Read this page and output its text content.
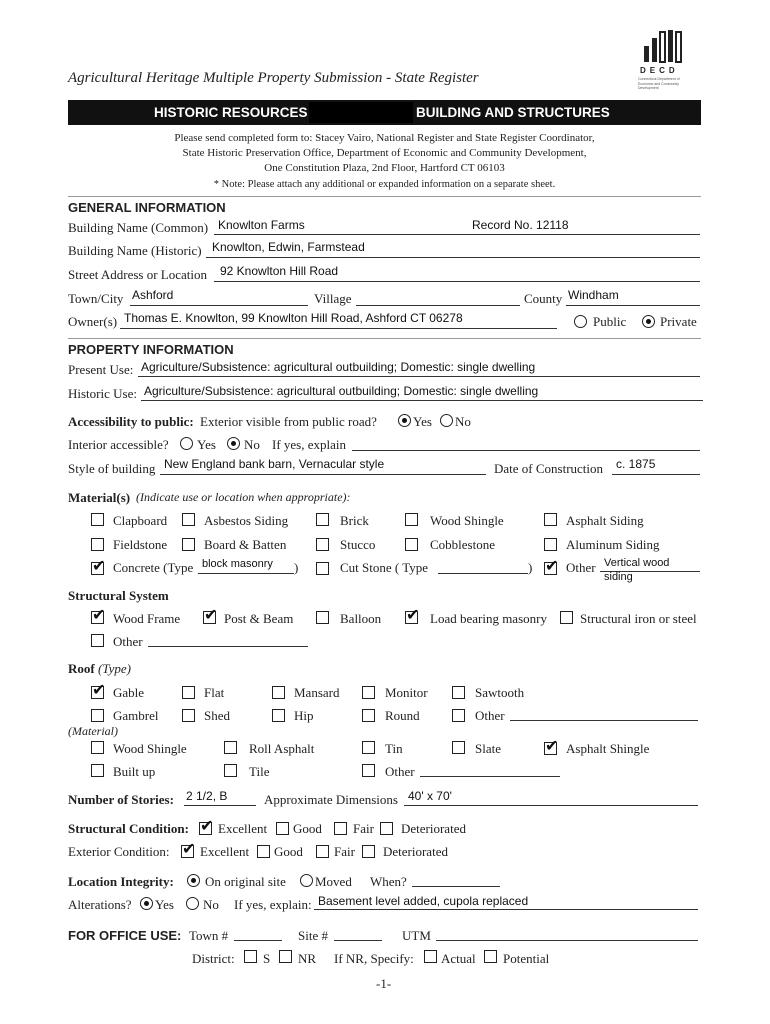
DECD
Connecticut Department of Economic and Community Development
Agricultural Heritage Multiple Property Submission - State Register
HISTORIC RESOURCES	BUILDING AND STRUCTURES
Please send completed form to: Stacey Vairo, National Register and State Register Coordinator,
State Historic Preservation Office, Department of Economic and Community Development,
One Constitution Plaza, 2nd Floor, Hartford CT 06103
* Note: Please attach any additional or expanded information on a separate sheet.
GENERAL INFORMATION
Building Name (Common) Knowlton Farms	Record No. 12118
Building Name (Historic) Knowlton, Edwin, Farmstead
Street Address or Location 92 Knowlton Hill Road
Town/City Ashford	Village	County Windham
Owner(s) Thomas E. Knowlton, 99 Knowlton Hill Road, Ashford CT 06278	Public	Private
PROPERTY INFORMATION
Present Use: Agriculture/Subsistence: agricultural outbuilding; Domestic: single dwelling
Historic Use: Agriculture/Subsistence: agricultural outbuilding; Domestic: single dwelling
Accessibility to public: Exterior visible from public road?	Yes No
Interior accessible? Yes No If yes, explain
Style of building New England bank barn, Vernacular style	Date of Construction c. 1875
Material(s) (Indicate use or location when appropriate):
Clapboard	Asbestos Siding	Brick	Wood Shingle	Asphalt Siding
Fieldstone	Board & Batten	Stucco	Cobblestone	Aluminum Siding
✔ Concrete (Type block masonry )	Cut Stone ( Type	) ✔ Other Vertical wood
siding
Structural System
✔ Wood Frame ✔ Post & Beam	Balloon ✔ Load bearing masonry	Structural iron or steel
Other
Roof (Type)
✔ Gable	Flat	Mansard	Monitor	Sawtooth
Gambrel	Shed	Hip	Round	Other
(Material)
Wood Shingle	Roll Asphalt	Tin	Slate	✔ Asphalt Shingle
Built up	Tile	Other
Number of Stories: 2 1/2, B	Approximate Dimensions 40' x 70'
Structural Condition: ✔ Excellent Good Fair Deteriorated
Exterior Condition: ✔ Excellent Good Fair Deteriorated
Location Integrity: On original site Moved When?
Alterations? Yes No If yes, explain: Basement level added, cupola replaced
FOR OFFICE USE: Town #	Site #	UTM
District: S NR If NR, Specify: Actual Potential
-1-
